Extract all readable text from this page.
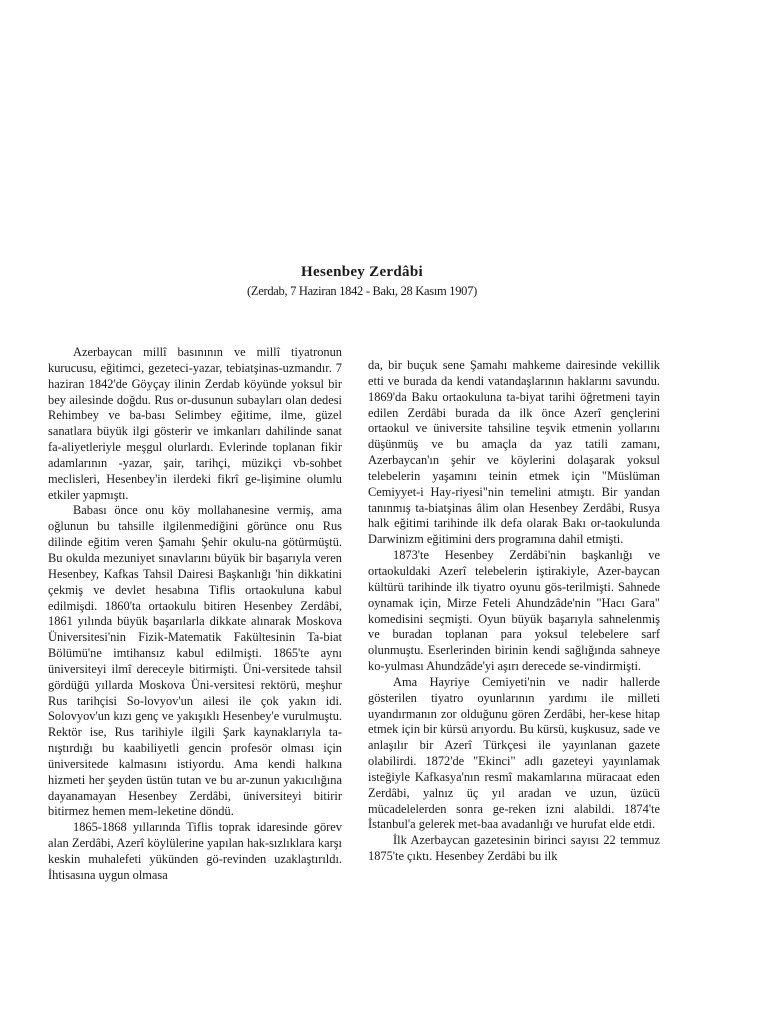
Hesenbey Zerdâbi

(Zerdab, 7 Haziran 1842 - Bakı, 28 Kasım 1907)

Azerbaycan millî basınının ve millî tiyatronun kurucusu, eğitimci, gezeteci-yazar, tebiatşinas-uzmandır. 7 haziran 1842'de Göyçay ilinin Zerdab köyünde yoksul bir bey ailesinde doğdu. Rus or-dusunun subayları olan dedesi Rehimbey ve ba-bası Selimbey eğitime, ilme, güzel sanatlara büyük ilgi gösterir ve imkanları dahilinde sanat fa-aliyetleriyle meşgul olurlardı. Evlerinde toplanan fikir adamlarının -yazar, şair, tarihçi, müzikçi vb-sohbet meclisleri, Hesenbey'in ilerdeki fikrî ge-lişimine olumlu etkiler yapmıştı.

Babası önce onu köy mollahanesine vermiş, ama oğlunun bu tahsille ilgilenmediğini görünce onu Rus dilinde eğitim veren Şamahı Şehir okulu-na götürmüştü. Bu okulda mezuniyet sınavlarını büyük bir başarıyla veren Hesenbey, Kafkas Tahsil Dairesi Başkanlığı 'hin dikkatini çekmiş ve devlet hesabına Tiflis ortaokuluna kabul edilmişdi. 1860'ta ortaokulu bitiren Hesenbey Zerdâbi, 1861 yılında büyük başarılarla dikkate alınarak Moskova Üniversitesi'nin Fizik-Matematik Fakültesinin Ta-biat Bölümü'ne imtihansız kabul edilmişti. 1865'te aynı üniversiteyi ilmî dereceyle bitirmişti. Üni-versitede tahsil gördüğü yıllarda Moskova Üni-versitesi rektörü, meşhur Rus tarihçisi So-lovyov'un ailesi ile çok yakın idi. Solovyov'un kızı genç ve yakışıklı Hesenbey'e vurulmuştu. Rektör ise, Rus tarihiyle ilgili Şark kaynaklarıyla ta-nıştırdığı bu kaabiliyetli gencin profesör olması için üniversitede kalmasını istiyordu. Ama kendi halkına hizmeti her şeyden üstün tutan ve bu ar-zunun yakıcılığına dayanamayan Hesenbey Zerdâbi, üniversiteyi bitirir bitirmez hemen mem-leketine döndü.

1865-1868 yıllarında Tiflis toprak idaresinde görev alan Zerdâbi, Azerî köylülerine yapılan hak-sızlıklara karşı keskin muhalefeti yükünden gö-revinden uzaklaştırıldı. İhtisasına uygun olmasa

da, bir buçuk sene Şamahı mahkeme dairesinde vekillik etti ve burada da kendi vatandaşlarının haklarını savundu. 1869'da Baku ortaokuluna ta-biyat tarihi öğretmeni tayin edilen Zerdâbi burada da ilk önce Azerî gençlerini ortaokul ve üniversite tahsiline teşvik etmenin yollarını düşünmüş ve bu amaçla da yaz tatili zamanı, Azerbaycan'ın şehir ve köylerini dolaşarak yoksul telebelerin yaşamını teinin etmek için "Müslüman Cemiyyet-i Hay-riyesi"nin temelini atmıştı. Bir yandan tanınmış ta-biatşinas âlim olan Hesenbey Zerdâbi, Rusya halk eğitimi tarihinde ilk defa olarak Bakı or-taokulunda Darwinizm eğitimini ders programına dahil etmişti.

1873'te Hesenbey Zerdâbi'nin başkanlığı ve ortaokuldaki Azerî telebelerin iştirakiyle, Azer-baycan kültürü tarihinde ilk tiyatro oyunu gös-terilmişti. Sahnede oynamak için, Mirze Feteli Ahundzâde'nin "Hacı Gara" komedisini seçmişti. Oyun büyük başarıyla sahnelenmiş ve buradan toplanan para yoksul telebelere sarf olunmuştu. Eserlerinden birinin kendi sağlığında sahneye ko-yulması Ahundzâde'yi aşırı derecede se-vindirmişti.

Ama Hayriye Cemiyeti'nin ve nadir hallerde gösterilen tiyatro oyunlarının yardımı ile milleti uyandırmanın zor olduğunu gören Zerdâbi, her-kese hitap etmek için bir kürsü arıyordu. Bu kürsü, kuşkusuz, sade ve anlaşılır bir Azerî Türkçesi ile yayınlanan gazete olabilirdi. 1872'de "Ekinci" adlı gazeteyi yayınlamak isteğiyle Kafkasya'nın resmî makamlarına müracaat eden Zerdâbi, yalnız üç yıl aradan ve uzun, üzücü mücadelelerden sonra ge-reken izni alabildi. 1874'te İstanbul'a gelerek met-baa avadanlığı ve hurufat elde etdi.

İlk Azerbaycan gazetesinin birinci sayısı 22 temmuz 1875'te çıktı. Hesenbey Zerdâbi bu ilk
